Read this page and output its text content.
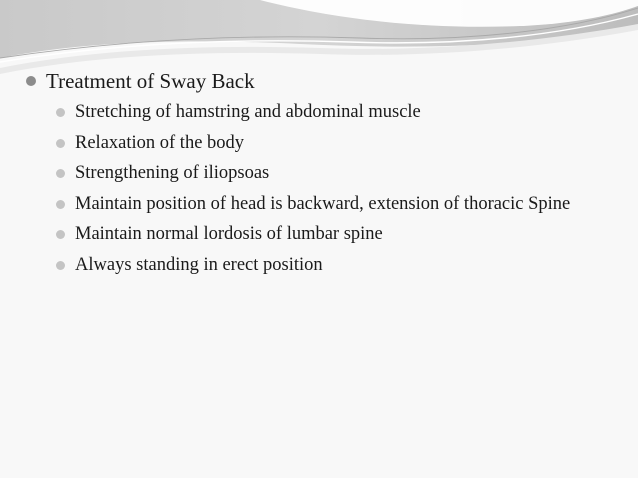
Treatment of Sway Back
Stretching of hamstring and abdominal muscle
Relaxation of the body
Strengthening of iliopsoas
Maintain position of head is backward, extension of thoracic Spine
Maintain normal lordosis of lumbar spine
Always standing in erect position
